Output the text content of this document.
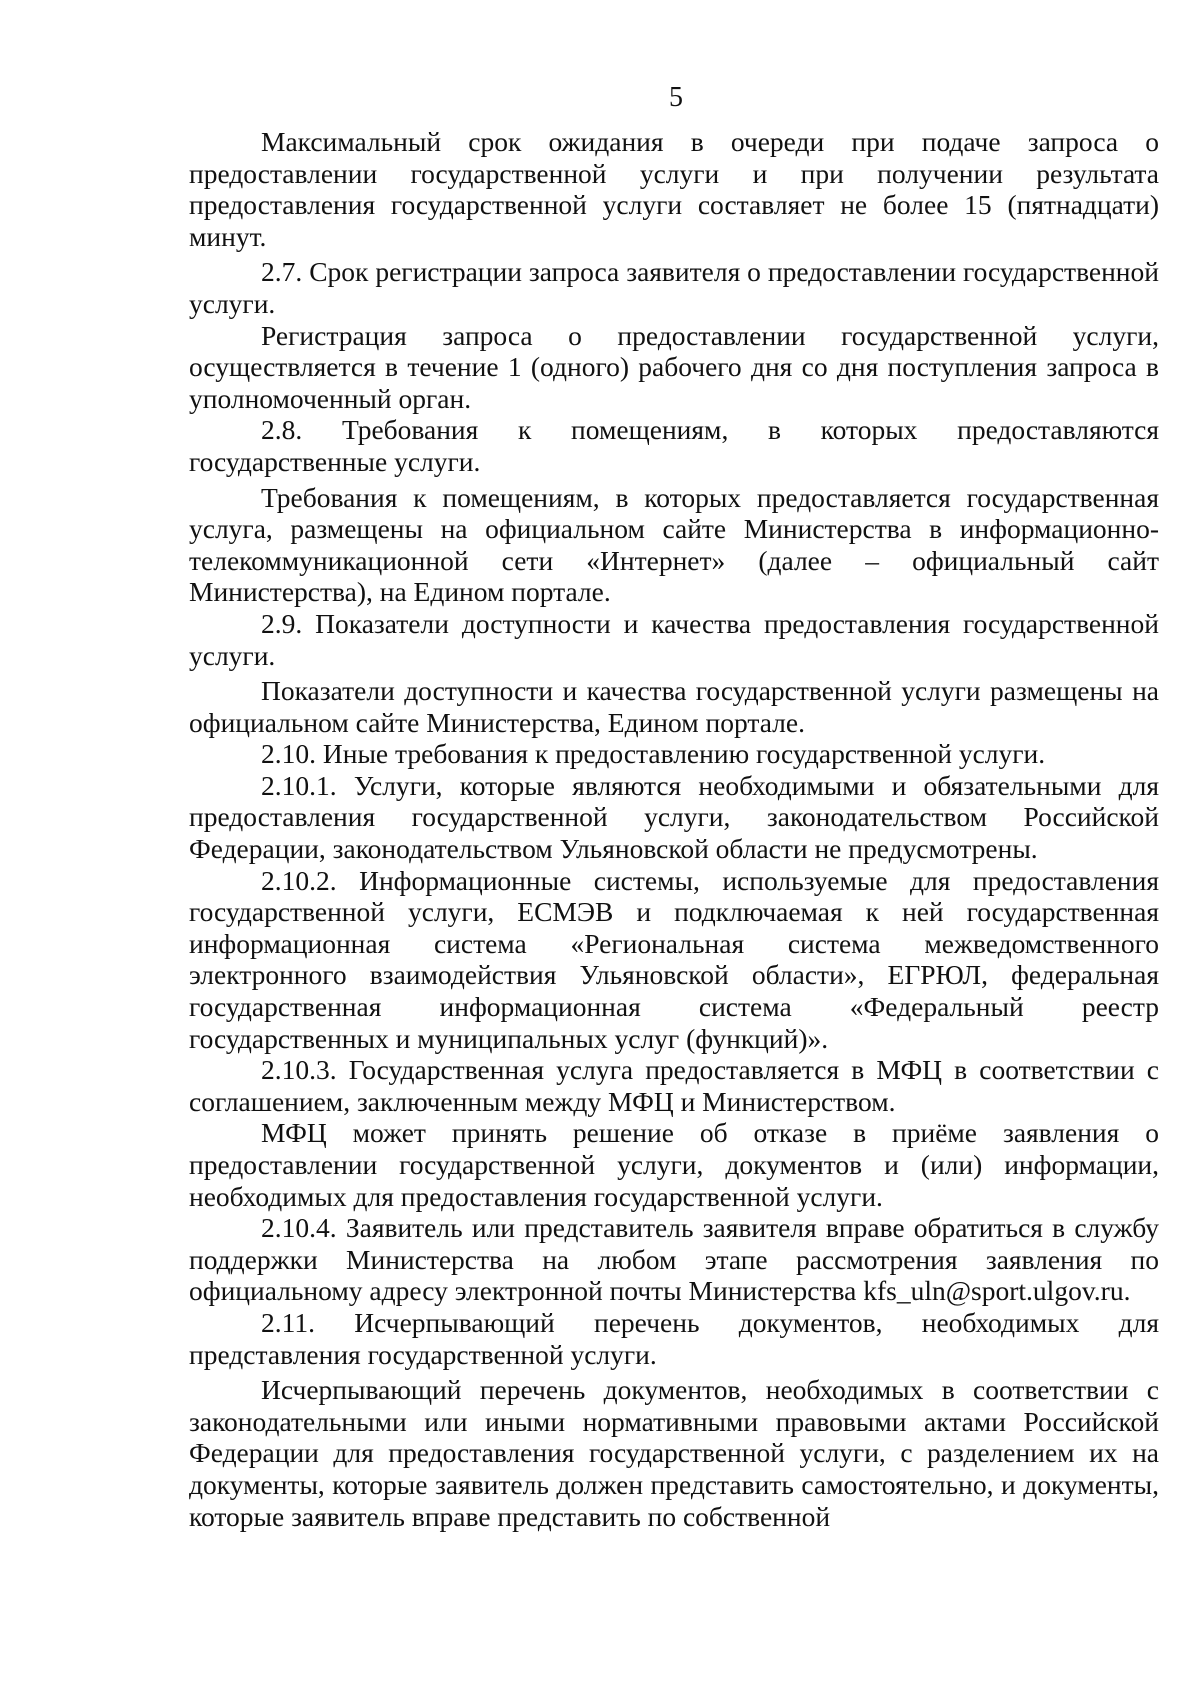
5

Максимальный срок ожидания в очереди при подаче запроса о предоставлении государственной услуги и при получении результата предоставления государственной услуги составляет не более 15 (пятнадцати) минут.

2.7. Срок регистрации запроса заявителя о предоставлении государственной услуги.

Регистрация запроса о предоставлении государственной услуги, осуществляется в течение 1 (одного) рабочего дня со дня поступления запроса в уполномоченный орган.

2.8. Требования к помещениям, в которых предоставляются государственные услуги.

Требования к помещениям, в которых предоставляется государственная услуга, размещены на официальном сайте Министерства в информационно-телекоммуникационной сети «Интернет» (далее – официальный сайт Министерства), на Едином портале.

2.9. Показатели доступности и качества предоставления государственной услуги.

Показатели доступности и качества государственной услуги размещены на официальном сайте Министерства, Едином портале.

2.10. Иные требования к предоставлению государственной услуги.

2.10.1. Услуги, которые являются необходимыми и обязательными для предоставления государственной услуги, законодательством Российской Федерации, законодательством Ульяновской области не предусмотрены.

2.10.2. Информационные системы, используемые для предоставления государственной услуги, ЕСМЭВ и подключаемая к ней государственная информационная система «Региональная система межведомственного электронного взаимодействия Ульяновской области», ЕГРЮЛ, федеральная государственная информационная система «Федеральный реестр государственных и муниципальных услуг (функций)».

2.10.3. Государственная услуга предоставляется в МФЦ в соответствии с соглашением, заключенным между МФЦ и Министерством.

МФЦ может принять решение об отказе в приёме заявления о предоставлении государственной услуги, документов и (или) информации, необходимых для предоставления государственной услуги.

2.10.4. Заявитель или представитель заявителя вправе обратиться в службу поддержки Министерства на любом этапе рассмотрения заявления по официальному адресу электронной почты Министерства kfs_uln@sport.ulgov.ru.

2.11. Исчерпывающий перечень документов, необходимых для представления государственной услуги.

Исчерпывающий перечень документов, необходимых в соответствии с законодательными или иными нормативными правовыми актами Российской Федерации для предоставления государственной услуги, с разделением их на документы, которые заявитель должен представить самостоятельно, и документы, которые заявитель вправе представить по собственной
